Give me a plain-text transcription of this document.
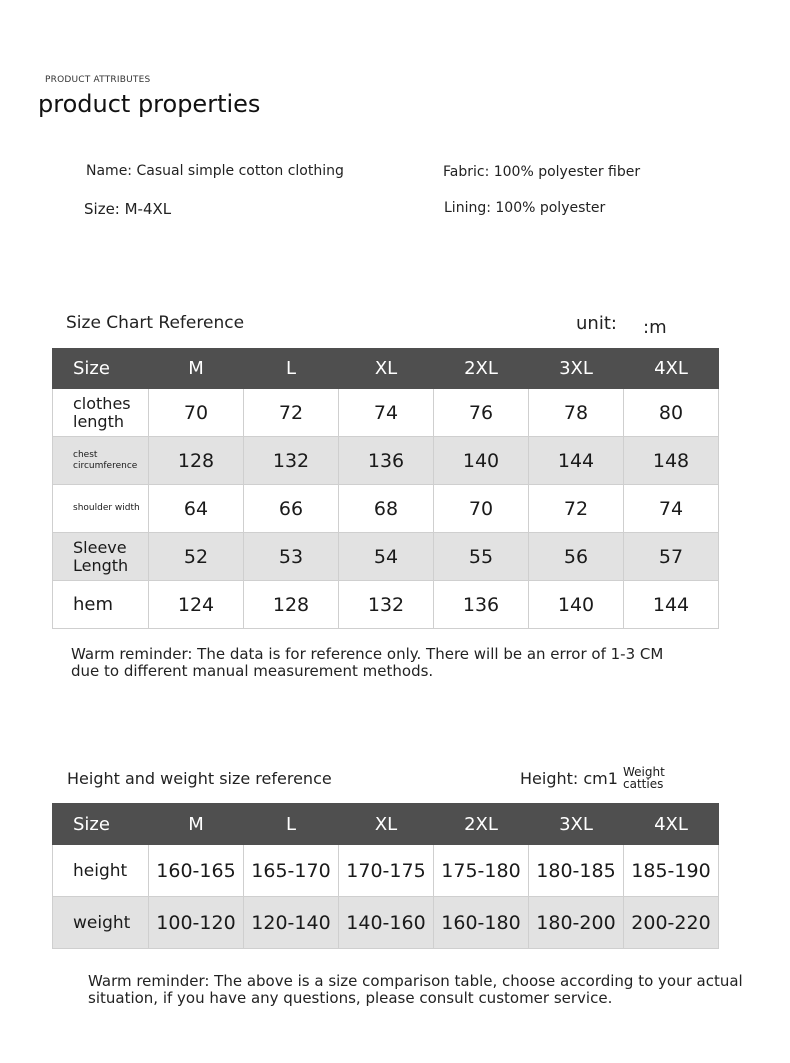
PRODUCT ATTRIBUTES
product properties
Name: Casual simple cotton clothing
Size: M-4XL
Fabric: 100% polyester fiber
Lining: 100% polyester
Size Chart Reference	unit: :m
Size	M	L	XL	2XL	3XL	4XL
clothes length	70	72	74	76	78	80
chest circumference	128	132	136	140	144	148
shoulder width	64	66	68	70	72	74
Sleeve Length	52	53	54	55	56	57
hem	124	128	132	136	140	144
Warm reminder: The data is for reference only. There will be an error of 1-3 CM due to different manual measurement methods.
Height and weight size reference	Height: cm1 Weight catties
Size	M	L	XL	2XL	3XL	4XL
height	160-165	165-170	170-175	175-180	180-185	185-190
weight	100-120	120-140	140-160	160-180	180-200	200-220
Warm reminder: The above is a size comparison table, choose according to your actual situation, if you have any questions, please consult customer service.
